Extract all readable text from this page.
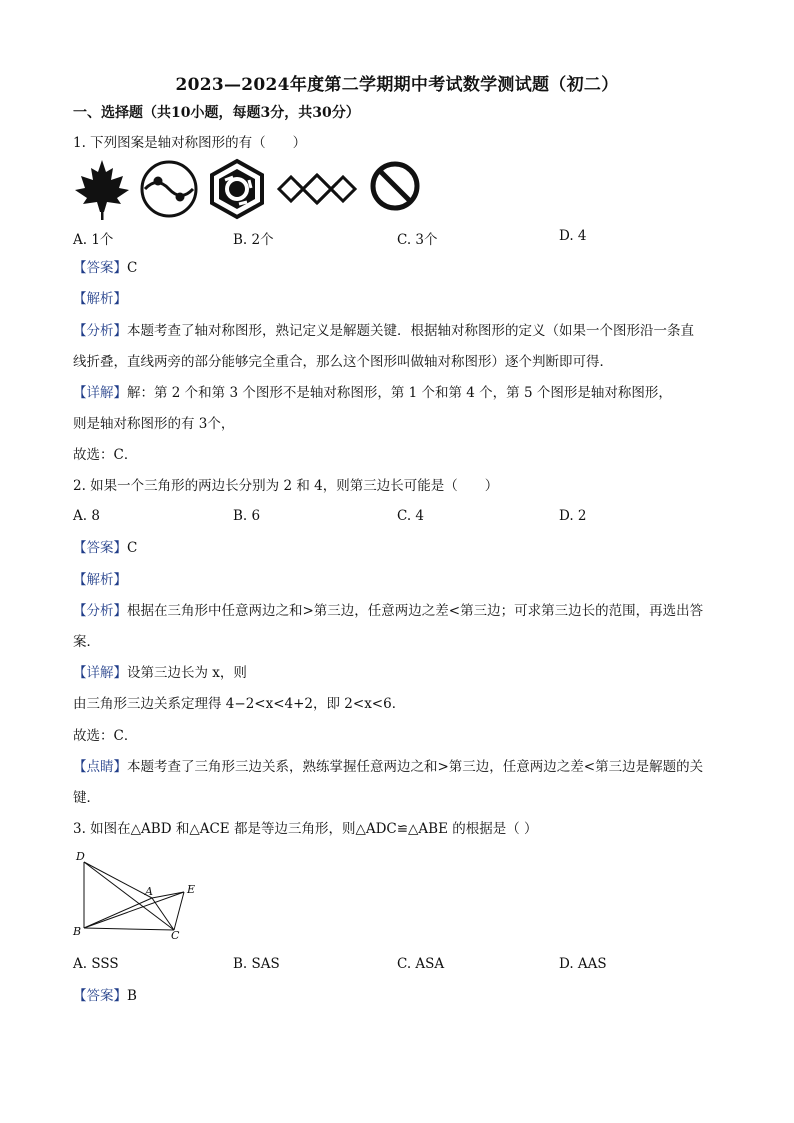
2023—2024年度第二学期期中考试数学测试题（初二）
一、选择题（共10小题，每题3分，共30分）
1. 下列图案是轴对称图形的有（　　）
A. 1个	B. 2个	C. 3个	D. 4
【答案】C
【解析】
【分析】本题考查了轴对称图形，熟记定义是解题关键．根据轴对称图形的定义（如果一个图形沿一条直
线折叠，直线两旁的部分能够完全重合，那么这个图形叫做轴对称图形）逐个判断即可得．
【详解】解：第 2 个和第 3 个图形不是轴对称图形，第 1 个和第 4 个，第 5 个图形是轴对称图形，
则是轴对称图形的有 3个，
故选：C．
2. 如果一个三角形的两边长分别为 2 和 4，则第三边长可能是（　　）
A. 8	B. 6	C. 4	D. 2
【答案】C
【解析】
【分析】根据在三角形中任意两边之和>第三边，任意两边之差<第三边；可求第三边长的范围，再选出答
案．
【详解】设第三边长为 x，则
由三角形三边关系定理得 4−2<x<4+2，即 2<x<6．
故选：C．
【点睛】本题考查了三角形三边关系，熟练掌握任意两边之和>第三边，任意两边之差<第三边是解题的关
键．
3. 如图在△ABD 和△ACE 都是等边三角形，则△ADC≌△ABE 的根据是（ ）
D
A	E
B	C
A. SSS	B. SAS	C. ASA	D. AAS
【答案】B
